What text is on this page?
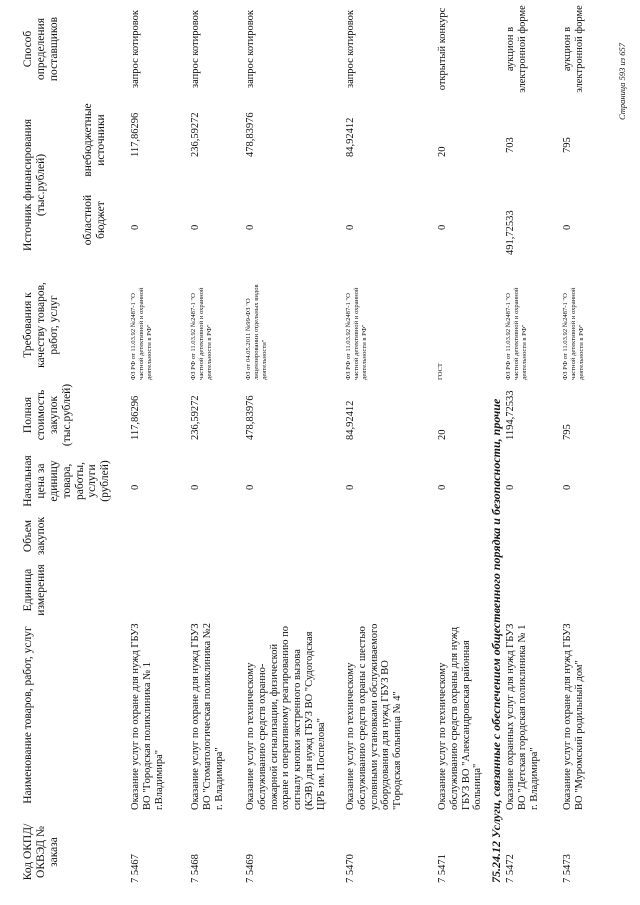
Код ОКПД/ ОКВЭД № заказа
Наименование товаров, работ, услуг
Единица измерения
Объем закупок
Начальная цена за единицу товара, работы, услуги (рублей)
Полная стоимость закупок (тыс.рублей)
Требования к качеству товаров, работ, услуг
Источник финансирования (тыс.рублей)
областной бюджет
внебюджетные источники
Способ определения поставщиков
7 5467
Оказание услуг по охране для нужд ГБУЗ ВО "Городская поликлиника № 1 г.Владимира"
0
117,86296
ФЗ РФ от 11.03.92 №2487-1 "О частной детективной и охранной деятельности в РФ"
0
117,86296
запрос котировок
7 5468
Оказание услуг по охране для нужд ГБУЗ ВО "Стоматологическая поликлиника №2 г. Владимира"
0
236,59272
ФЗ РФ от 11.03.92 №2487-1 "О частной детективной и охранной деятельности в РФ"
0
236,59272
запрос котировок
7 5469
Оказание услуг по техническому обслуживанию средств охранно-пожарной сигнализации, физической охране и оперативному реагированию по сигналу кнопки экстренного вызова (КЭВ) для нужд ГБУЗ ВО "Судогодская ЦРБ им. Поспелова"
0
478,83976
ФЗ от 04.05.2011 №99-ФЗ "О лицензировании отдельных видов деятельности"
0
478,83976
запрос котировок
7 5470
Оказание услуг по техническому обслуживанию средств охраны с шестью условными установками обслуживаемого оборудования для нужд ГБУЗ ВО "Городская больница № 4"
0
84,92412
ФЗ РФ от 11.03.92 №2487-1 "О частной детективной и охранной деятельности в РФ"
0
84,92412
запрос котировок
7 5471
Оказание услуг по техническому обслуживанию средств охраны для нужд ГБУЗ ВО "Александровская районная больница"
0
20
ГОСТ
0
20
открытый конкурс
75.24.12 Услуги, связанные с обеспечением общественного порядка и безопасности, прочие 7 5472
Оказание охранных услуг для нужд ГБУЗ ВО "Детская городская поликлиника № 1 г. Владимира"
0
1194,72533
ФЗ РФ от 11.03.92 №2487-1 "О частной детективной и охранной деятельности в РФ"
491,72533
703
аукцион в электронной форме
7 5473
Оказание услуг по охране для нужд ГБУЗ ВО "Муромский родильный дом"
0
795
ФЗ РФ от 11.03.92 №2487-1 "О частной детективной и охранной деятельности в РФ"
0
795
аукцион в электронной форме	Страница 593 из 657
